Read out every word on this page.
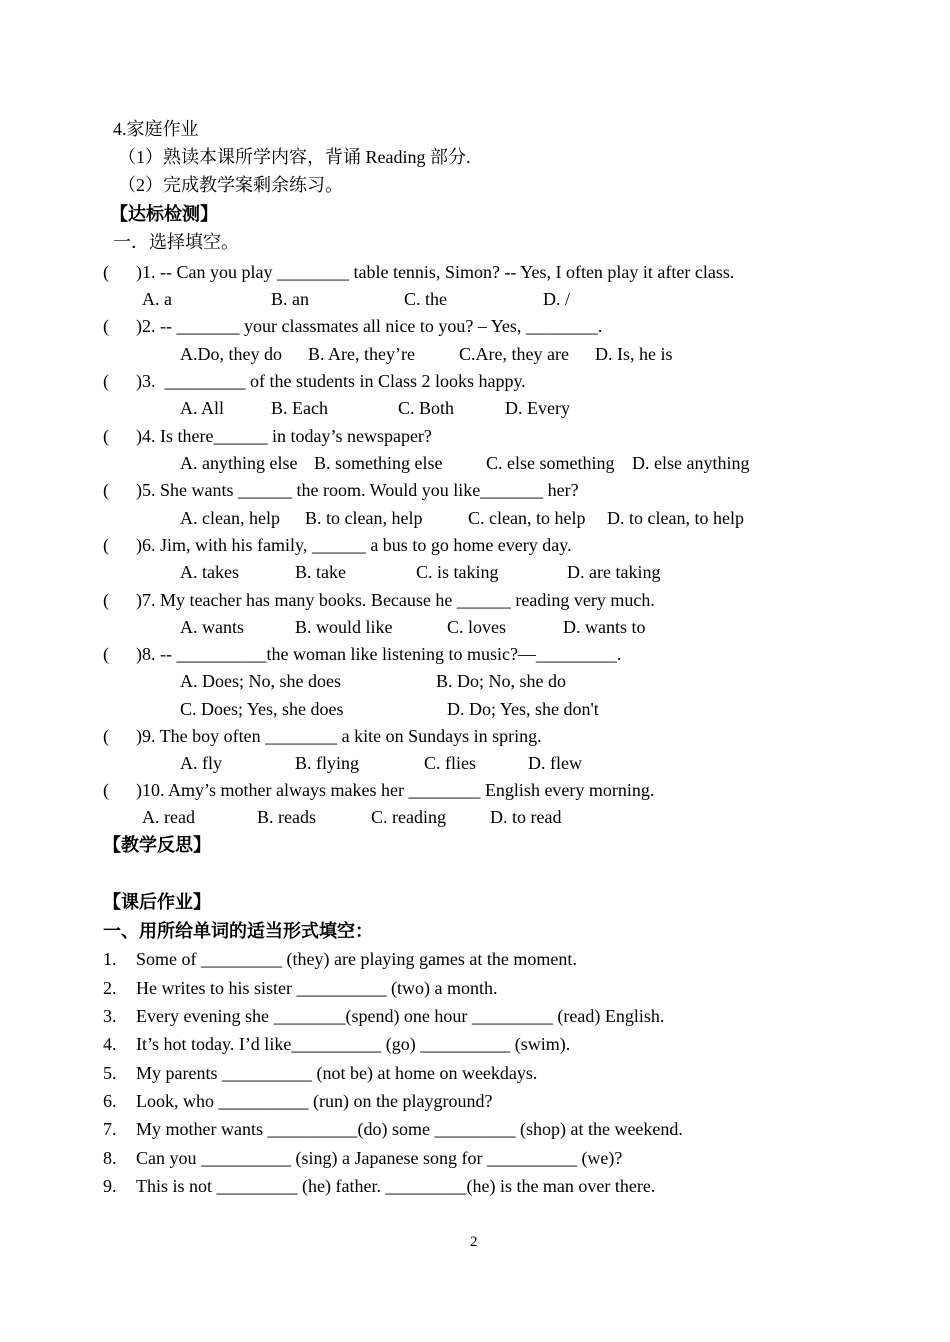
4.家庭作业
（1）熟读本课所学内容，背诵 Reading 部分.
（2）完成教学案剩余练习。
【达标检测】
一．选择填空。
(      )1. -- Can you play ________ table tennis, Simon? -- Yes, I often play it after class.
A. a	B. an	C. the	D. /
(      )2. -- _______ your classmates all nice to you? – Yes, ________.
A.Do, they do B. Are, they’re C.Are, they are D. Is, he is
(      )3.  _________ of the students in Class 2 looks happy.
A. All	B. Each	C. Both	D. Every
(      )4. Is there______ in today’s newspaper?
A. anything else B. something else C. else something D. else anything
(      )5. She wants ______ the room. Would you like_______ her?
A. clean, help B. to clean, help	C. clean, to help D. to clean, to help
(      )6. Jim, with his family, ______ a bus to go home every day.
A. takes	B. take	C. is taking	D. are taking
(      )7. My teacher has many books. Because he ______ reading very much.
A. wants	B. would like	C. loves	D. wants to
(      )8. -- __________the woman like listening to music?—_________.
A. Does; No, she does	B. Do; No, she do
C. Does; Yes, she does	D. Do; Yes, she don't
(      )9. The boy often ________ a kite on Sundays in spring.
A. fly	B. flying	C. flies	D. flew
(      )10. Amy’s mother always makes her ________ English every morning.
A. read	B. reads	C. reading D. to read
【教学反思】
【课后作业】
一、用所给单词的适当形式填空：
1. Some of _________ (they) are playing games at the moment.
2. He writes to his sister __________ (two) a month.
3. Every evening she ________(spend) one hour _________ (read) English.
4. It’s hot today. I’d like__________ (go) __________ (swim).
5. My parents __________ (not be) at home on weekdays.
6. Look, who __________ (run) on the playground?
7. My mother wants __________(do) some _________ (shop) at the weekend.
8. Can you __________ (sing) a Japanese song for __________ (we)?
9. This is not _________ (he) father. _________(he) is the man over there.
2
